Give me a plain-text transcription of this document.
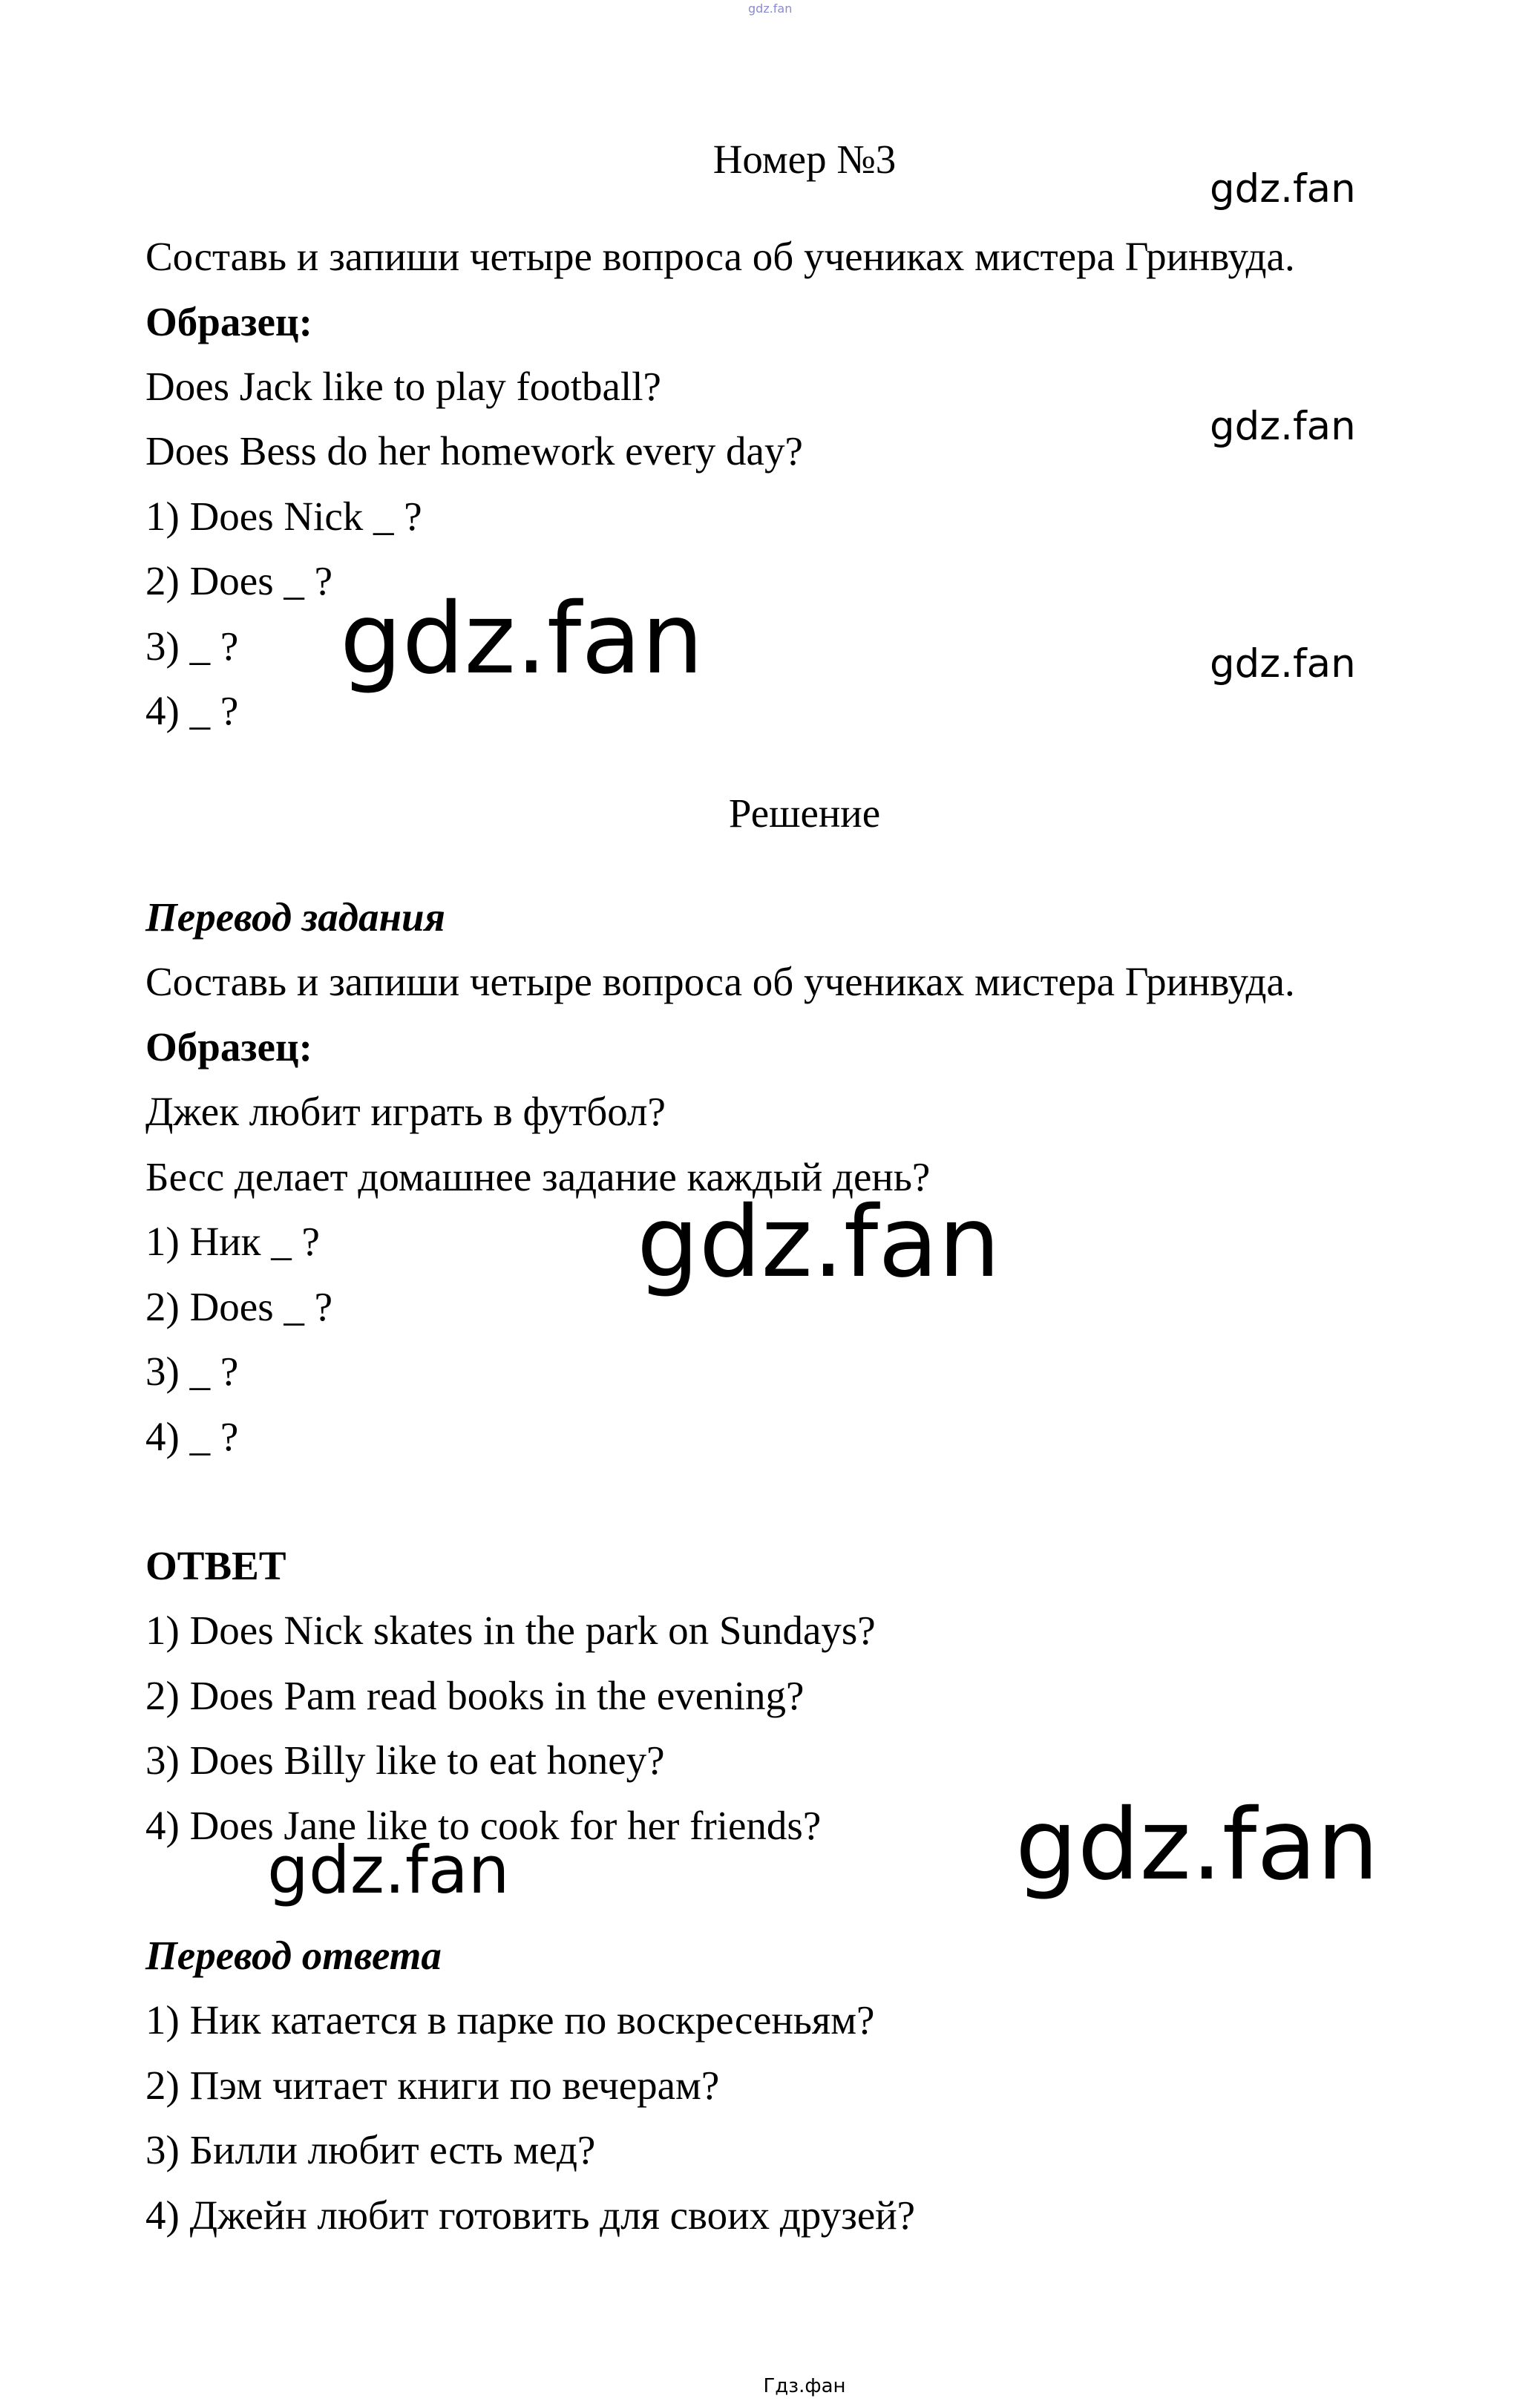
gdz.fan
Номер №3
Составь и запиши четыре вопроса об учениках мистера Гринвуда.
Образец:
Does Jack like to play football?
Does Bess do her homework every day?
1) Does Nick _ ?
2) Does _ ?
3) _ ?
4) _ ?
Решение
Перевод задания
Составь и запиши четыре вопроса об учениках мистера Гринвуда.
Образец:
Джек любит играть в футбол?
Бесс делает домашнее задание каждый день?
1) Ник _ ?
2) Does _ ?
3) _ ?
4) _ ?
ОТВЕТ
1) Does Nick skates in the park on Sundays?
2) Does Pam read books in the evening?
3) Does Billy like to eat honey?
4) Does Jane like to cook for her friends?
Перевод ответа
1) Ник катается в парке по воскресеньям?
2) Пэм читает книги по вечерам?
3) Билли любит есть мед?
4) Джейн любит готовить для своих друзей?
gdz.fan
gdz.fan
gdz.fan
gdz.fan
gdz.fan
gdz.fan
gdz.fan
Гдз.фан
